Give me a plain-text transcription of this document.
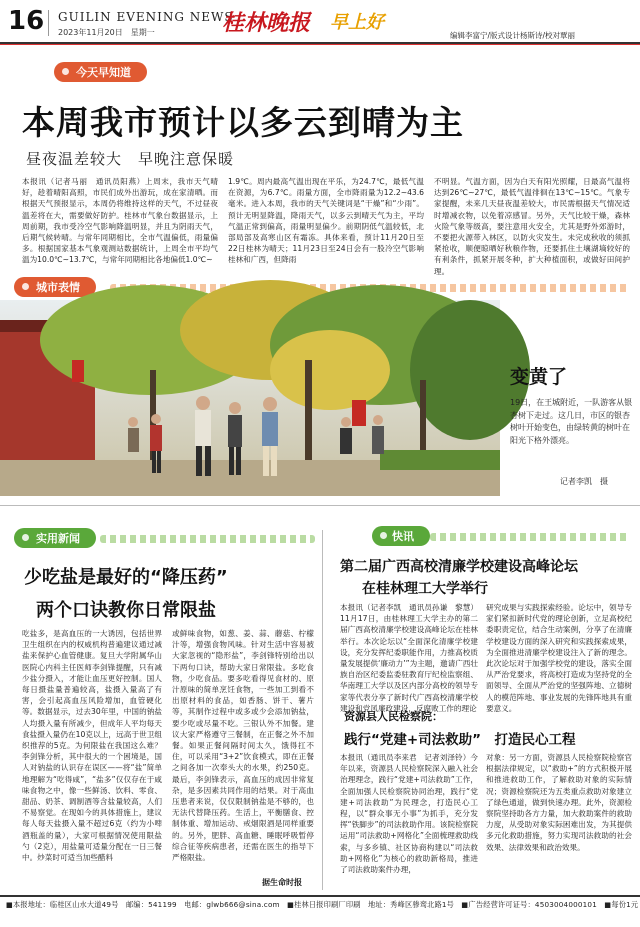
16 GUILIN EVENING NEWS
2023年11月20日　星期一	桂林晚报 早上好
编辑李富宁/版式设计杨斯诗/校对覃丽
今天早知道
本周我市预计以多云到晴为主
昼夜温差较大　早晚注意保暖
本报讯（记者马丽　通讯员阳燕）上周末，我市天气晴好，趁着晴阳高照，市民们成外出游玩，成在家清晒。而根据天气预报显示，本周仍将维持这样的天气，不过昼夜温差将在大，需要做好防护。桂林市气象台数据显示，上周前期，我市受冷空气影响降温明显，并且为阴雨天气，后期气候转晴。与常年同期相比，全市气温偏低，雨量偏多。根据国家基本气象观测站数据统计，上周全市平均气温为10.0℃~13.7℃，与常年同期相比各地偏低1.0℃~
1.9℃。周内最高气温出现在平乐，为24.7℃，最低气温在资源，为6.7℃。雨量方面，全市降雨量为12.2~43.6毫米。进入本周，我市的天气关键词是“干燥”和“少雨”。预计无明显降温，降雨天气，以多云到晴天气为主，平均气温正常到偏高，雨量明显偏少。前期阴低气温较低，北部局部及高寒山区有霜冻。具体来看，预计11月20日至22日桂林为晴天；11月23日至24日会有一股冷空气影响桂林和广西，但降雨
不明显。气温方面，因为白天有阳光照耀，日最高气温将达到26℃~27℃，最低气温徘徊在13℃~15℃。气象专家提醒，未来几天昼夜温差较大，市民需根据天气情况适时增减衣物，以免着凉感冒。另外，天气比较干燥，森林火险气象等级高，要注意用火安全，尤其是野外郊游时，不要把火源带入林区，以防火灾发生。未完成秋收的须抓紧抢收，顺便晾晒好秋粮作物，还要抓住土壤湖墒较好的有利条件，抓紧开展冬种，扩大种植面积，或做好田间护理。
城市表情
变黄了
19日，在王城附近，一队游客从银杏树下走过。这几日，市区的银杏树叶开始变色，由绿转黄的树叶在阳光下格外漂亮。
记者李凯　摄
实用新闻
少吃盐是最好的“降压药”
两个口诀教你日常限盐
吃盐多，是高血压的一大诱因，包括世界卫生组织在内的权威机构普遍建议通过减盐来保护心血管健康。复旦大学附属华山医院心内科主任医师李剑锋提醒，只有减少盐分摄入，才能让血压更好控制。国人每日摄盐量普遍较高，盐摄入量高了有害，会引起高血压风险增加，血管硬化等。数据显示，过去30年里，中国的钠盐人均摄入量有所减少，但成年人平均每天食盐摄入量仍在10克以上，远高于世卫组织推荐的5克。为何限盐在我国这么难？李剑锋分析，其中很大的一个困境是，国人对钠盐的认识存在误区——将“盐”简单地理解为“吃得咸”，“盐多”仅仅存在于咸味食物之中，像一些鲜汤、饮料、零食、甜品、奶茶、调制酒等含盐量较高，人们不易察觉。在现如今的具体措施上，建议每人每天盐摄入量不超过6克（约为小啤酒瓶盖的量），大家可根据情况使用限盐勺（2克），用盐量可适量分配在一日三餐中。炒菜时可适当加些醋料
或鲜味食物，如葱、姜、蒜、蘑菇、柠檬汁等，增强食物风味。针对生活中容易被大家忽视的“隐形盐”，李剑锋特别给出以下两句口诀，帮助大家日常限盐。多吃食物，少吃食品。要多吃看得见食材的、原汁原味的简单烹饪食物，一些加工到看不出原材料的食品，如香肠、饼干、薯片等，其制作过程中或多或少会添加钠盐，要少吃或尽量不吃。三银认外不加餐。建议大家严格遵守三餐制，在正餐之外不加餐。如果正餐间隔时间太久，饿得扛不住，可以采用“3+2”饮食模式，即在正餐之间各加一次奉头大的水果，约250克。最后，李剑锋表示，高血压的成因非常复杂，是多因素共同作用的结果。对于高血压患者来说，仅仅限制钠盐是不够的，也无法代替降压药。生活上，平衡膳食、控制体重、增加运动、戒烟限酒是同样重要的。另外，肥胖、高血糖、睡眠呼吸暂停综合征等疾病患者，还需在医生的指导下严格限盐。
据生命时报
快讯
第二届广西高校清廉学校建设高峰论坛
在桂林理工大学举行
本报讯（记者李凯　通讯员孙谦　黎慧）11月17日，由桂林理工大学主办的第二届广西高校清廉学校建设高峰论坛在桂林举行。本次论坛以“全面深化清廉学校建设，充分发挥纪委职能作用，力推高校质量发展提供‘廉动力’”为主题，邀请广西壮族自治区纪委监委驻教育厅纪检监察组、华南理工大学以及区内部分高校的领导专家等代表分享了新时代广西高校清廉学校建设和党风廉政建设，反腐败工作的理论
研究成果与实践探索经验。论坛中，领导专家们紧扣新时代党的理论创新，立足高校纪委职责定位，结合生动案例，分享了在清廉学校建设方面的深入研究和实践探索成果，为全面推进清廉学校建设注入了新的理念。此次论坛对于加强学校党的建设，落实全面从严治党要求，将高校打造成为坚持党的全面领导、全面从严治党的坚强阵地、立德树人的模范阵地、事业发展的先锋阵地具有重要意义。
资源县人民检察院：
践行“党建+司法救助”　打造民心工程
本报讯（通讯员李来君　记者刘泽铃）今年以来，资源县人民检察院深入融入社会治理理念，践行“党建+司法救助”工作，全面加强人民检察院协同治理，践行“党建+司法救助”为民理念，打造民心工程，以“群众事无小事”为抓手，充分发挥“铁脚步”的司法救助作用。该院检察院运用“司法救助+网格化”全面梳理救助线索，与多乡镇、社区协商构建以“司法救助+网格化”为核心的救助新格局，推进了司法救助案件办理，
对象：另一方面，资源县人民检察院检察官根据法律规定，以“救助+”的方式积极开展和推进救助工作，了解救助对象的实际情况；资源检察院还为五类重点救助对象建立了绿色通道，做到快速办理。此外，资源检察院坚持助各方力量，加大救助案件的救助力度，从受助对象实际困难出发，为其提供多元化救助措施，努力实现司法救助的社会效果、法律效果和政治效果。
■本报地址：临桂区山水大道49号　邮编：541199　电邮：glwb666@sina.com　■桂林日报印刷厂印刷　地址：秀峰区骖鸾北路1号　■广告经营许可证号：4503004000101　■每份1元
